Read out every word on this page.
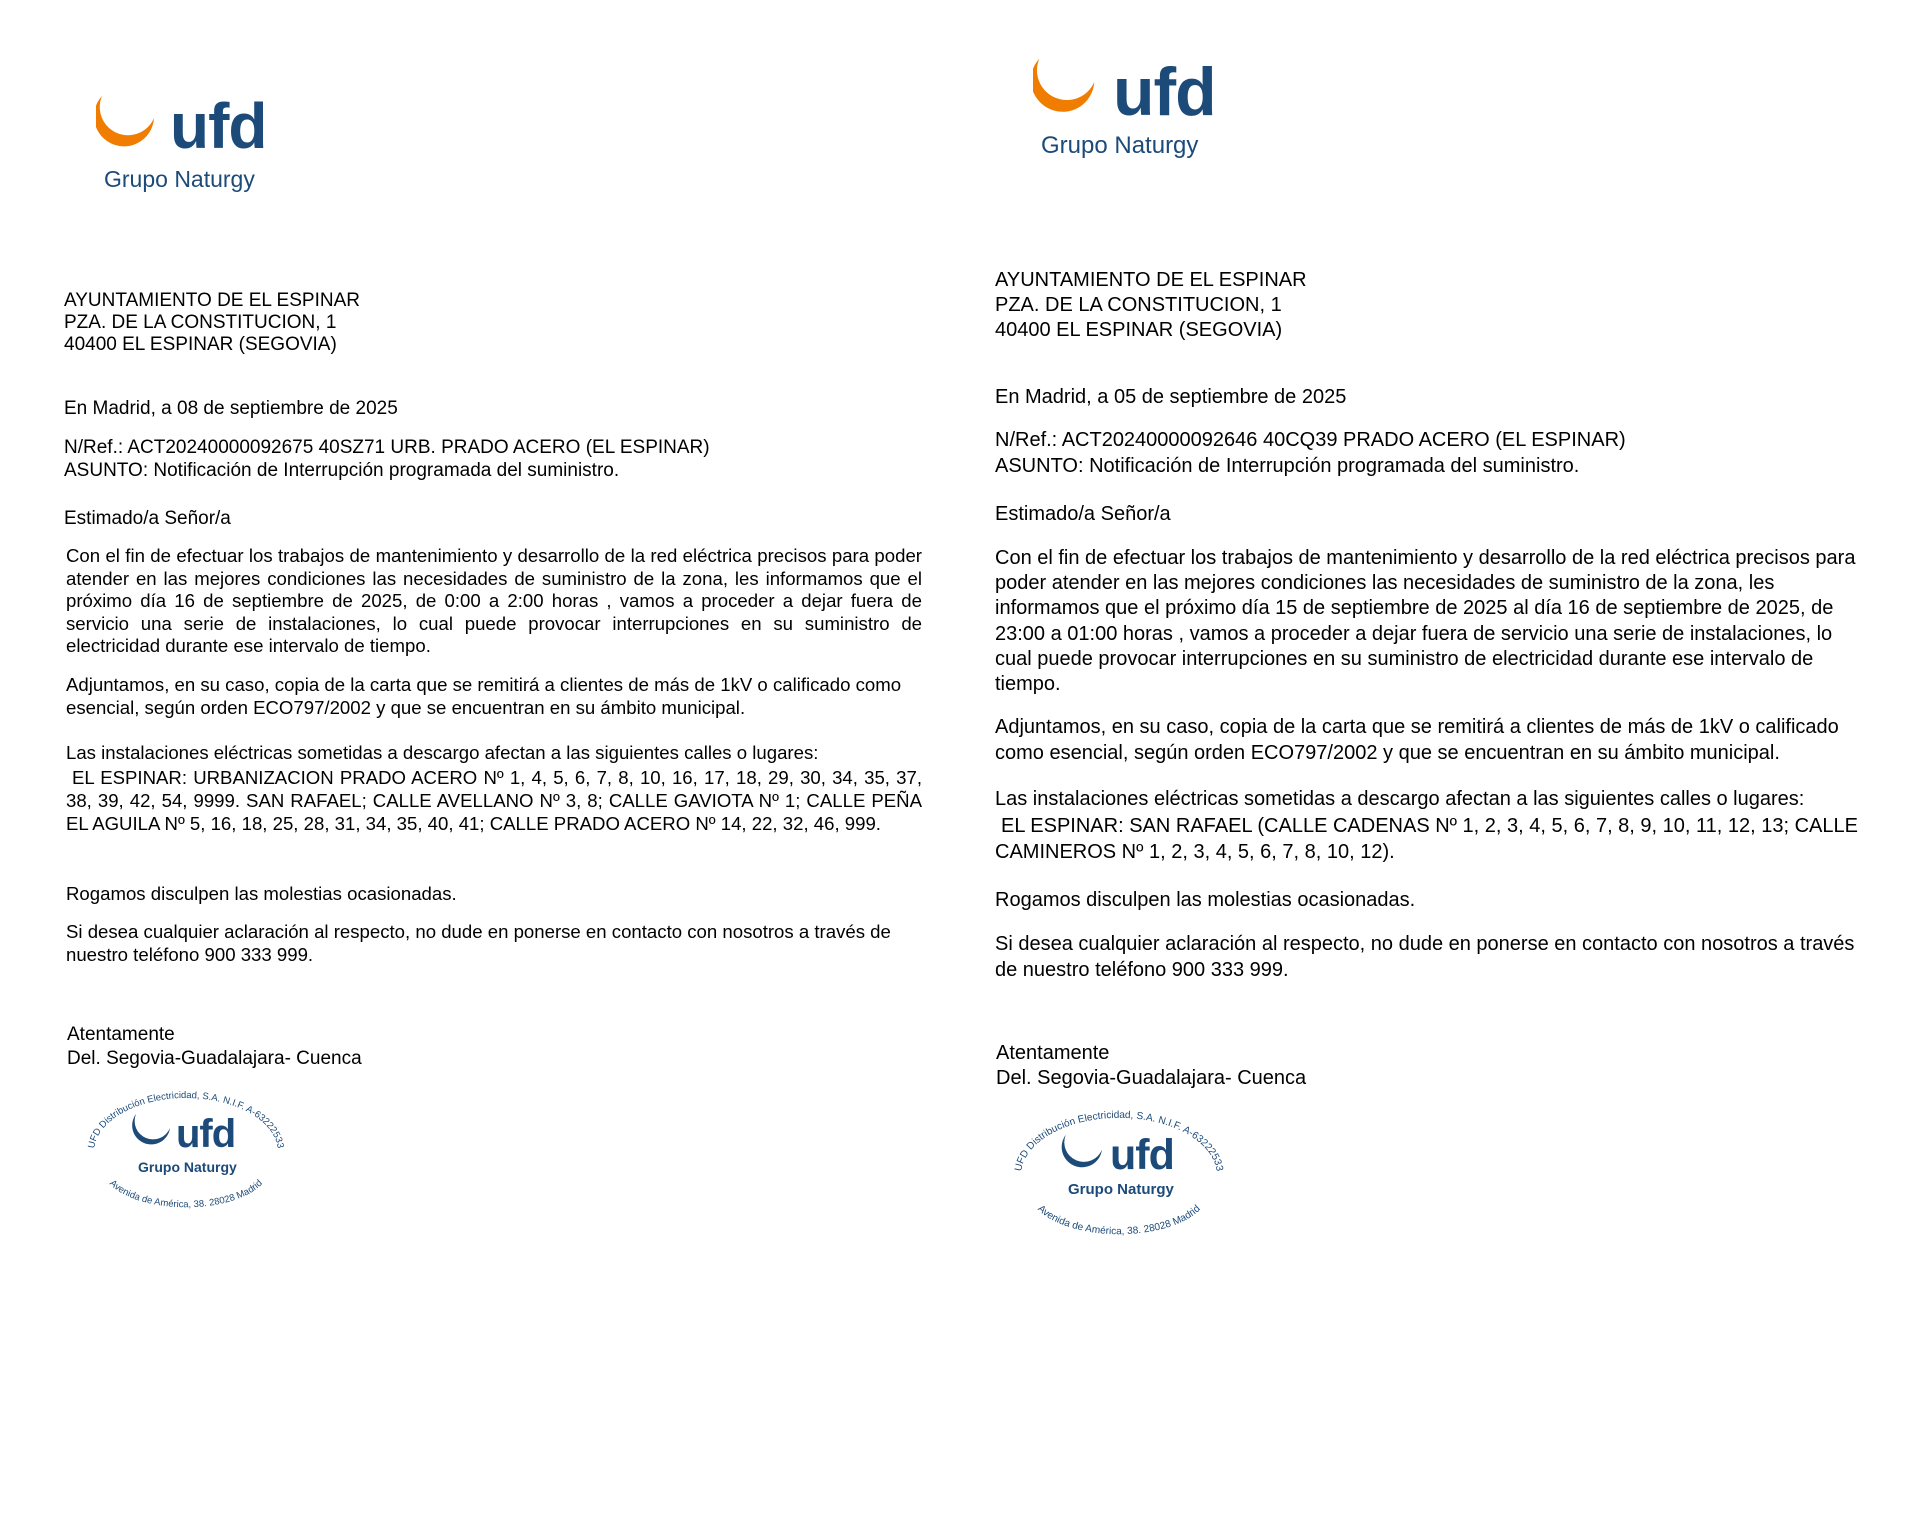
ufd
Grupo Naturgy
AYUNTAMIENTO DE EL ESPINAR
PZA. DE LA CONSTITUCION, 1
40400 EL ESPINAR (SEGOVIA)
En Madrid, a 08 de septiembre de 2025
N/Ref.: ACT20240000092675 40SZ71 URB. PRADO ACERO (EL ESPINAR)
ASUNTO: Notificación de Interrupción programada del suministro.
Estimado/a Señor/a

Con el fin de efectuar los trabajos de mantenimiento y desarrollo de la red eléctrica precisos para poder atender en las mejores condiciones las necesidades de suministro de la zona, les informamos que el próximo día 16 de septiembre de 2025, de 0:00 a 2:00 horas , vamos a proceder a dejar fuera de servicio una serie de instalaciones, lo cual puede provocar interrupciones en su suministro de electricidad durante ese intervalo de tiempo.

Adjuntamos, en su caso, copia de la carta que se remitirá a clientes de más de 1kV o calificado como esencial, según orden ECO797/2002 y que se encuentran en su ámbito municipal.

Las instalaciones eléctricas sometidas a descargo afectan a las siguientes calles o lugares:

EL ESPINAR: URBANIZACION PRADO ACERO Nº 1, 4, 5, 6, 7, 8, 10, 16, 17, 18, 29, 30, 34, 35, 37, 38, 39, 42, 54, 9999. SAN RAFAEL; CALLE AVELLANO Nº 3, 8; CALLE GAVIOTA Nº 1; CALLE PEÑA EL AGUILA Nº 5, 16, 18, 25, 28, 31, 34, 35, 40, 41; CALLE PRADO ACERO Nº 14, 22, 32, 46, 999.

Rogamos disculpen las molestias ocasionadas.

Si desea cualquier aclaración al respecto, no dude en ponerse en contacto con nosotros a través de nuestro teléfono 900 333 999.

Atentamente
Del. Segovia-Guadalajara- Cuenca
UFD Distribución Electricidad, S.A. N.I.F. A-63222533
Avenida de América, 38. 28028 Madrid
ufd
Grupo Naturgy
ufd
Grupo Naturgy
AYUNTAMIENTO DE EL ESPINAR
PZA. DE LA CONSTITUCION, 1
40400 EL ESPINAR (SEGOVIA)
En Madrid, a 05 de septiembre de 2025
N/Ref.: ACT20240000092646 40CQ39 PRADO ACERO (EL ESPINAR)
ASUNTO: Notificación de Interrupción programada del suministro.
Estimado/a Señor/a
Con el fin de efectuar los trabajos de mantenimiento y desarrollo de la red eléctrica precisos para
poder atender en las mejores condiciones las necesidades de suministro de la zona, les
informamos que el próximo día 15 de septiembre de 2025 al día 16 de septiembre de 2025, de
23:00 a 01:00 horas , vamos a proceder a dejar fuera de servicio una serie de instalaciones, lo
cual puede provocar interrupciones en su suministro de electricidad durante ese intervalo de
tiempo.
Adjuntamos, en su caso, copia de la carta que se remitirá a clientes de más de 1kV o calificado
como esencial, según orden ECO797/2002 y que se encuentran en su ámbito municipal.
Las instalaciones eléctricas sometidas a descargo afectan a las siguientes calles o lugares:
EL ESPINAR: SAN RAFAEL (CALLE CADENAS Nº 1, 2, 3, 4, 5, 6, 7, 8, 9, 10, 11, 12, 13; CALLE
CAMINEROS Nº 1, 2, 3, 4, 5, 6, 7, 8, 10, 12).
Rogamos disculpen las molestias ocasionadas.
Si desea cualquier aclaración al respecto, no dude en ponerse en contacto con nosotros a través
de nuestro teléfono 900 333 999.
Atentamente
Del. Segovia-Guadalajara- Cuenca
UFD Distribución Electricidad, S.A. N.I.F. A-63222533
Avenida de América, 38. 28028 Madrid
ufd
Grupo Naturgy
